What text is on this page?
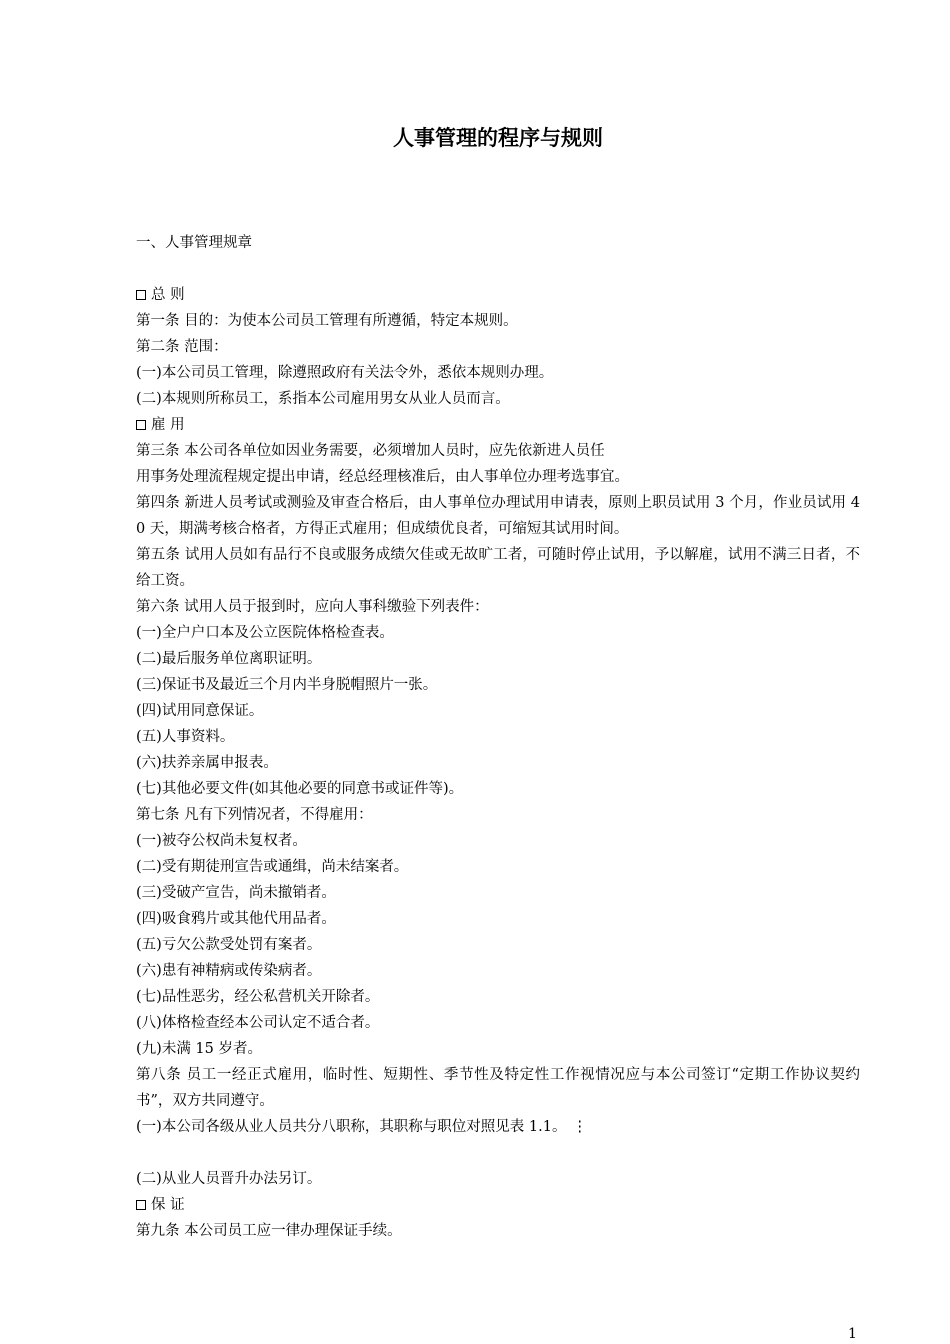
人事管理的程序与规则
一、人事管理规章
总 则
第一条 目的：为使本公司员工管理有所遵循，特定本规则。
第二条 范围：
(一)本公司员工管理，除遵照政府有关法令外，悉依本规则办理。
(二)本规则所称员工，系指本公司雇用男女从业人员而言。
雇 用
第三条 本公司各单位如因业务需要，必须增加人员时，应先依新进人员任
用事务处理流程规定提出申请，经总经理核准后，由人事单位办理考选事宜。
第四条 新进人员考试或测验及审查合格后，由人事单位办理试用申请表，原则上职员试用 3 个月，作业员试用 40 天，期满考核合格者，方得正式雇用；但成绩优良者，可缩短其试用时间。
第五条 试用人员如有品行不良或服务成绩欠佳或无故旷工者，可随时停止试用，予以解雇，试用不满三日者，不给工资。
第六条 试用人员于报到时，应向人事科缴验下列表件：
(一)全户户口本及公立医院体格检查表。
(二)最后服务单位离职证明。
(三)保证书及最近三个月内半身脱帽照片一张。
(四)试用同意保证。
(五)人事资料。
(六)扶养亲属申报表。
(七)其他必要文件(如其他必要的同意书或证件等)。
第七条 凡有下列情况者，不得雇用：
(一)被夺公权尚未复权者。
(二)受有期徒刑宣告或通缉，尚未结案者。
(三)受破产宣告，尚未撤销者。
(四)吸食鸦片或其他代用品者。
(五)亏欠公款受处罚有案者。
(六)患有神精病或传染病者。
(七)品性恶劣，经公私营机关开除者。
(八)体格检查经本公司认定不适合者。
(九)未满 15 岁者。
第八条 员工一经正式雇用，临时性、短期性、季节性及特定性工作视情况应与本公司签订“定期工作协议契约书”，双方共同遵守。
(一)本公司各级从业人员共分八职称，其职称与职位对照见表 1.1。 ⋮
(二)从业人员晋升办法另订。
保 证
第九条 本公司员工应一律办理保证手续。
1
